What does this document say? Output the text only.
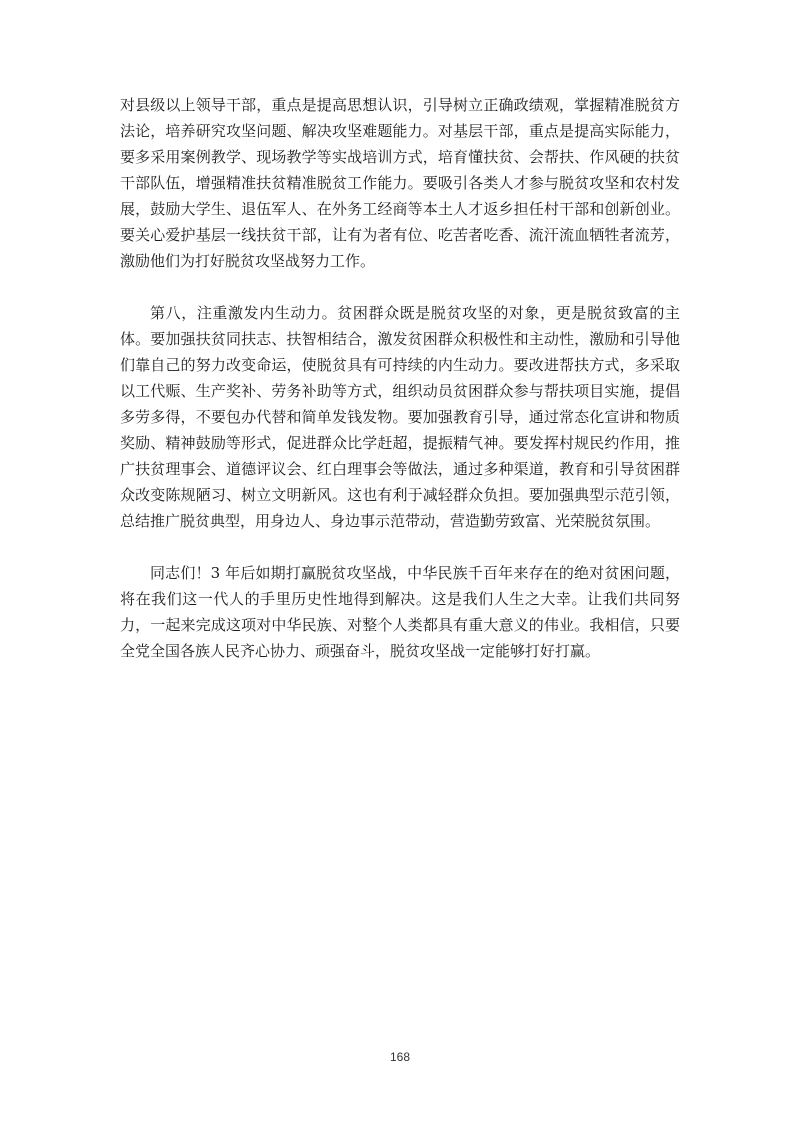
对县级以上领导干部，重点是提高思想认识，引导树立正确政绩观，掌握精准脱贫方法论，培养研究攻坚问题、解决攻坚难题能力。对基层干部，重点是提高实际能力，要多采用案例教学、现场教学等实战培训方式，培育懂扶贫、会帮扶、作风硬的扶贫干部队伍，增强精准扶贫精准脱贫工作能力。要吸引各类人才参与脱贫攻坚和农村发展，鼓励大学生、退伍军人、在外务工经商等本土人才返乡担任村干部和创新创业。要关心爱护基层一线扶贫干部，让有为者有位、吃苦者吃香、流汗流血牺牲者流芳，激励他们为打好脱贫攻坚战努力工作。

第八，注重激发内生动力。贫困群众既是脱贫攻坚的对象，更是脱贫致富的主体。要加强扶贫同扶志、扶智相结合，激发贫困群众积极性和主动性，激励和引导他们靠自己的努力改变命运，使脱贫具有可持续的内生动力。要改进帮扶方式，多采取以工代赈、生产奖补、劳务补助等方式，组织动员贫困群众参与帮扶项目实施，提倡多劳多得，不要包办代替和简单发钱发物。要加强教育引导，通过常态化宣讲和物质奖励、精神鼓励等形式，促进群众比学赶超，提振精气神。要发挥村规民约作用，推广扶贫理事会、道德评议会、红白理事会等做法，通过多种渠道，教育和引导贫困群众改变陈规陋习、树立文明新风。这也有利于减轻群众负担。要加强典型示范引领，总结推广脱贫典型，用身边人、身边事示范带动，营造勤劳致富、光荣脱贫氛围。

同志们！3 年后如期打赢脱贫攻坚战，中华民族千百年来存在的绝对贫困问题，将在我们这一代人的手里历史性地得到解决。这是我们人生之大幸。让我们共同努力，一起来完成这项对中华民族、对整个人类都具有重大意义的伟业。我相信，只要全党全国各族人民齐心协力、顽强奋斗，脱贫攻坚战一定能够打好打赢。

168
